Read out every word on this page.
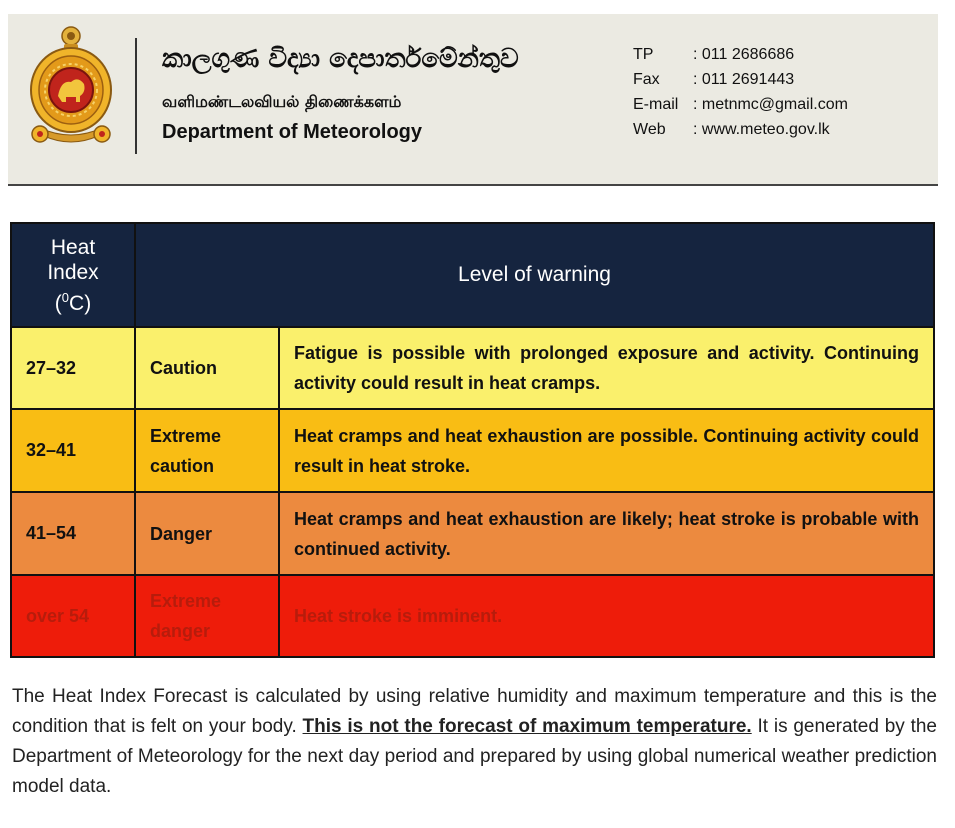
කාලගුණ විද්‍යා දෙපාර්තමේන්තුව
வளிமண்டலவியல் திணைக்களம்
Department of Meteorology
TP : 011 2686686
Fax : 011 2691443
E-mail : metnmc@gmail.com
Web : www.meteo.gov.lk
Heat
Index
($^0$C)
Level of warning
27–32	Caution
Fatigue is possible with prolonged exposure and activity. Continuing activity could result in heat cramps.
32–41
Extreme caution
Heat cramps and heat exhaustion are possible. Continuing activity could result in heat stroke.
41–54	Danger
Heat cramps and heat exhaustion are likely; heat stroke is probable with continued activity.
over 54
Extreme danger
Heat stroke is imminent.
The Heat Index Forecast is calculated by using relative humidity and maximum temperature and this is the condition that is felt on your body. This is not the forecast of maximum temperature. It is generated by the Department of Meteorology for the next day period and prepared by using global numerical weather prediction model data.
